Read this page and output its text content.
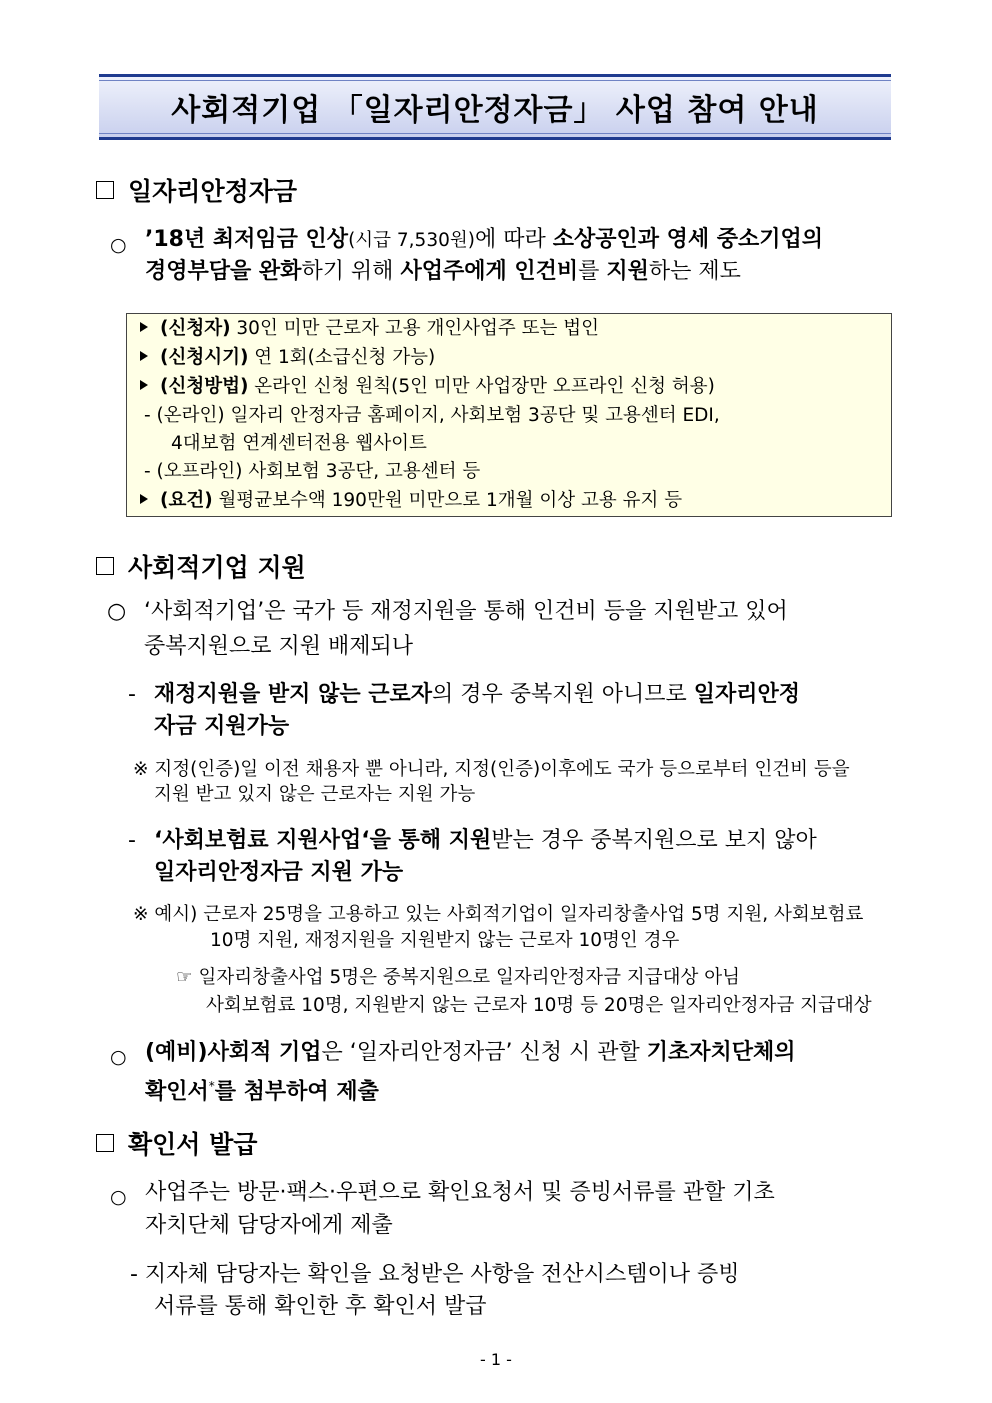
사회적기업 「일자리안정자금」 사업 참여 안내
일자리안정자금
○ ’18년 최저임금 인상(시급 7,530원)에 따라 소상공인과 영세 중소기업의
경영부담을 완화하기 위해 사업주에게 인건비를 지원하는 제도
(신청자) 30인 미만 근로자 고용 개인사업주 또는 법인
(신청시기) 연 1회(소급신청 가능)
(신청방법) 온라인 신청 원칙(5인 미만 사업장만 오프라인 신청 허용)
- (온라인) 일자리 안정자금 홈페이지, 사회보험 3공단 및 고용센터 EDI,
4대보험 연계센터전용 웹사이트
- (오프라인) 사회보험 3공단, 고용센터 등
(요건) 월평균보수액 190만원 미만으로 1개월 이상 고용 유지 등
사회적기업 지원
○ ‘사회적기업’은 국가 등 재정지원을 통해 인건비 등을 지원받고 있어
중복지원으로 지원 배제되나
- 재정지원을 받지 않는 근로자의 경우 중복지원 아니므로 일자리안정
자금 지원가능
※ 지정(인증)일 이전 채용자 뿐 아니라, 지정(인증)이후에도 국가 등으로부터 인건비 등을
지원 받고 있지 않은 근로자는 지원 가능
- ‘사회보험료 지원사업‘을 통해 지원받는 경우 중복지원으로 보지 않아
일자리안정자금 지원 가능
※ 예시) 근로자 25명을 고용하고 있는 사회적기업이 일자리창출사업 5명 지원, 사회보험료
10명 지원, 재정지원을 지원받지 않는 근로자 10명인 경우
☞ 일자리창출사업 5명은 중복지원으로 일자리안정자금 지급대상 아님
사회보험료 10명, 지원받지 않는 근로자 10명 등 20명은 일자리안정자금 지급대상
○ (예비)사회적 기업은 ‘일자리안정자금’ 신청 시 관할 기초자치단체의
확인서*를 첨부하여 제출
확인서 발급
○ 사업주는 방문·팩스·우편으로 확인요청서 및 증빙서류를 관할 기초
자치단체 담당자에게 제출
- 지자체 담당자는 확인을 요청받은 사항을 전산시스템이나 증빙
서류를 통해 확인한 후 확인서 발급
- 1 -
